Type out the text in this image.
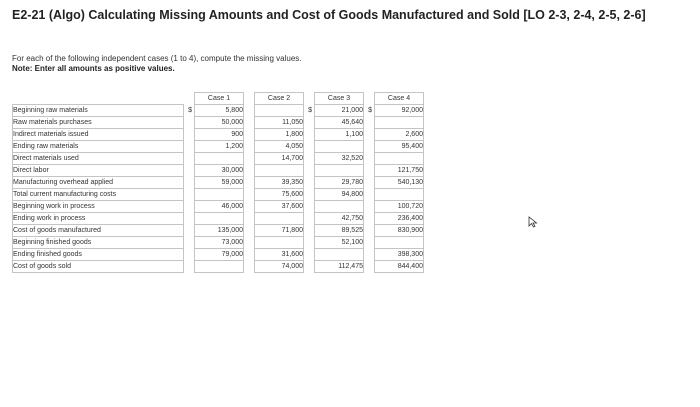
E2-21 (Algo) Calculating Missing Amounts and Cost of Goods Manufactured and Sold [LO 2-3, 2-4, 2-5, 2-6]
For each of the following independent cases (1 to 4), compute the missing values.
Note: Enter all amounts as positive values.
		Case 1		Case 2		Case 3		Case 4
Beginning raw materials	$	5,800			$	21,000	$	92,000
Raw materials purchases		50,000		11,050		45,640		
Indirect materials issued		900		1,800		1,100		2,600
Ending raw materials		1,200		4,050				95,400
Direct materials used				14,700		32,520		
Direct labor		30,000						121,750
Manufacturing overhead applied		59,000		39,350		29,780		540,130
Total current manufacturing costs				75,600		94,800		
Beginning work in process		46,000		37,600				100,720
Ending work in process						42,750		236,400
Cost of goods manufactured		135,000		71,800		89,525		830,900
Beginning finished goods		73,000				52,100		
Ending finished goods		79,000		31,600				398,300
Cost of goods sold				74,000		112,475		844,400
